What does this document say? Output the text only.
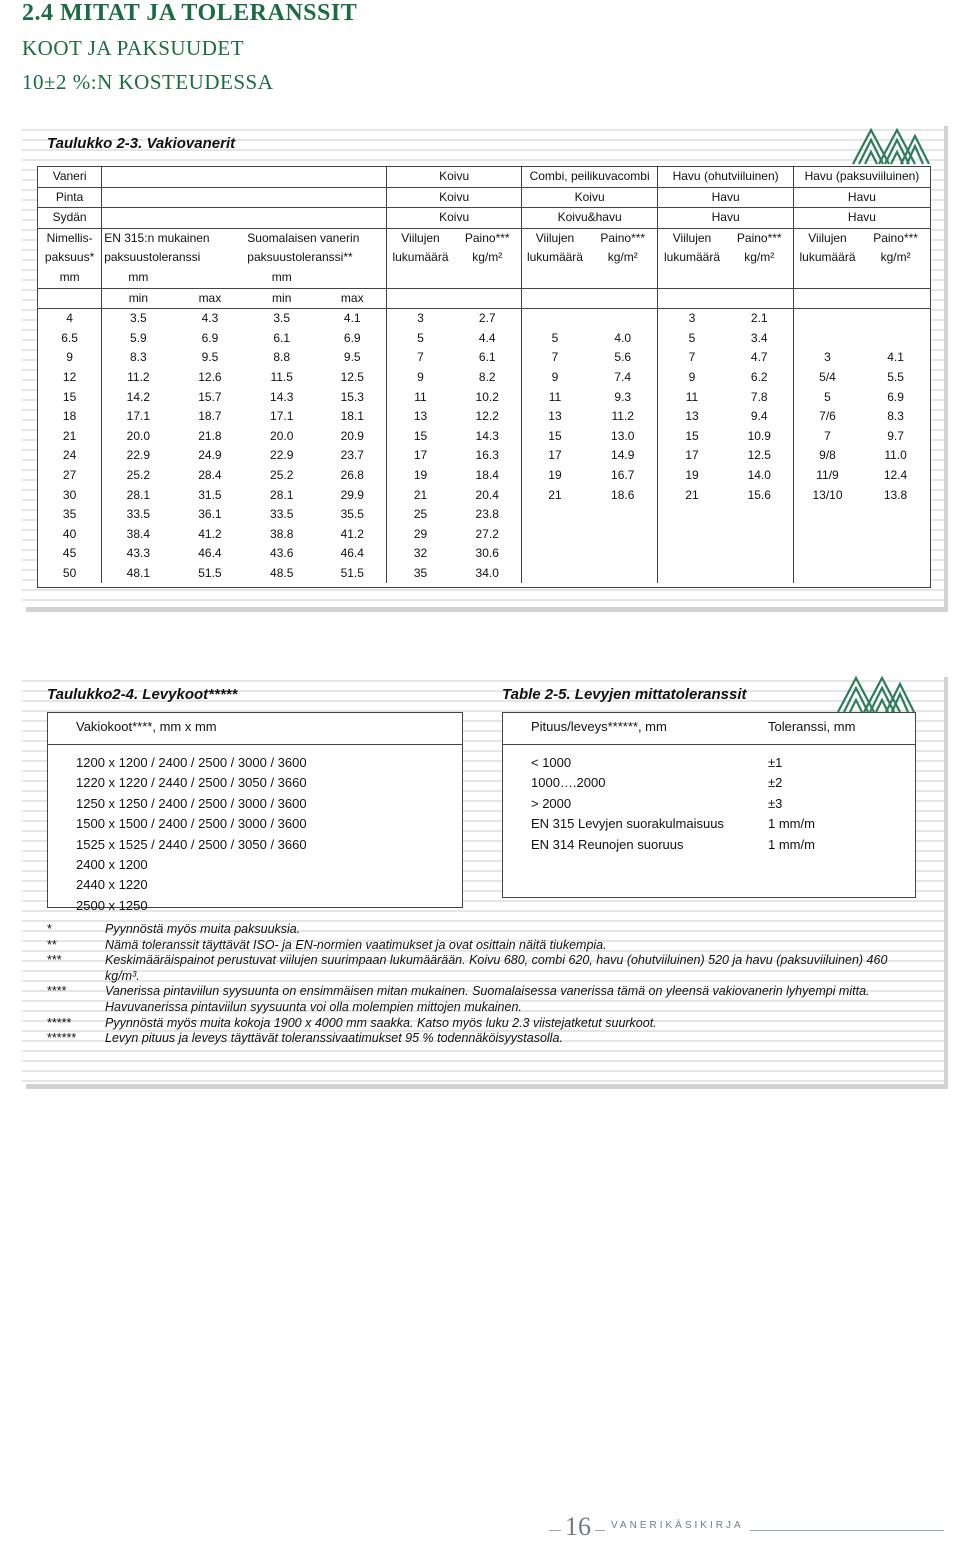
2.4 MITAT JA TOLERANSSIT
KOOT JA PAKSUUDET
10±2 %:N KOSTEUDESSA
Taulukko 2-3. Vakiovanerit
Vaneri					Koivu		Combi, peilikuvacombi		Havu (ohutviiluinen)		Havu (paksuviiluinen)	
Pinta					Koivu		Koivu		Havu		Havu	
Sydän					Koivu		Koivu&havu		Havu		Havu	
Nimellis-	EN 315:n mukainen		Suomalaisen vanerin		Viilujen	Paino***	Viilujen	Paino***	Viilujen	Paino***	Viilujen	Paino***
paksuus*	paksuustoleranssi		paksuustoleranssi**		lukumäärä	kg/m²	lukumäärä	kg/m²	lukumäärä	kg/m²	lukumäärä	kg/m²
mm	mm		mm									
	min	max	min	max								
4	3.5	4.3	3.5	4.1	3	2.7			3	2.1		
6.5	5.9	6.9	6.1	6.9	5	4.4	5	4.0	5	3.4		
9	8.3	9.5	8.8	9.5	7	6.1	7	5.6	7	4.7	3	4.1
12	11.2	12.6	11.5	12.5	9	8.2	9	7.4	9	6.2	5/4	5.5
15	14.2	15.7	14.3	15.3	11	10.2	11	9.3	11	7.8	5	6.9
18	17.1	18.7	17.1	18.1	13	12.2	13	11.2	13	9.4	7/6	8.3
21	20.0	21.8	20.0	20.9	15	14.3	15	13.0	15	10.9	7	9.7
24	22.9	24.9	22.9	23.7	17	16.3	17	14.9	17	12.5	9/8	11.0
27	25.2	28.4	25.2	26.8	19	18.4	19	16.7	19	14.0	11/9	12.4
30	28.1	31.5	28.1	29.9	21	20.4	21	18.6	21	15.6	13/10	13.8
35	33.5	36.1	33.5	35.5	25	23.8						
40	38.4	41.2	38.8	41.2	29	27.2						
45	43.3	46.4	43.6	46.4	32	30.6						
50	48.1	51.5	48.5	51.5	35	34.0						
Taulukko2-4. Levykoot*****	Table 2-5. Levyjen mittatoleranssit
Vakiokoot****, mm x mm
1200 x 1200 / 2400 / 2500 / 3000 / 3600
1220 x 1220 / 2440 / 2500 / 3050 / 3660
1250 x 1250 / 2400 / 2500 / 3000 / 3600
1500 x 1500 / 2400 / 2500 / 3000 / 3600
1525 x 1525 / 2440 / 2500 / 3050 / 3660
2400 x 1200
2440 x 1220
2500 x 1250
Pituus/leveys******, mm	Toleranssi, mm
< 1000	±1
1000….2000	±2
> 2000	±3
EN 315 Levyjen suorakulmaisuus	1 mm/m
EN 314 Reunojen suoruus	1 mm/m
*	Pyynnöstä myös muita paksuuksia.
**	Nämä toleranssit täyttävät ISO- ja EN-normien vaatimukset ja ovat osittain näitä tiukempia.
***	Keskimääräispainot perustuvat viilujen suurimpaan lukumäärään. Koivu 680, combi 620, havu (ohutviiluinen) 520 ja havu (paksuviiluinen) 460 kg/m³.
****	Vanerissa pintaviilun syysuunta on ensimmäisen mitan mukainen. Suomalaisessa vanerissa tämä on yleensä vakiovanerin lyhyempi mitta. Havuvanerissa pintaviilun syysuunta voi olla molempien mittojen mukainen.
*****	Pyynnöstä myös muita kokoja 1900 x 4000 mm saakka. Katso myös luku 2.3 viistejatketut suurkoot.
****** Levyn pituus ja leveys täyttävät toleranssivaatimukset 95 % todennäköisyystasolla.
16	VANERIKÄSIKIRJA
